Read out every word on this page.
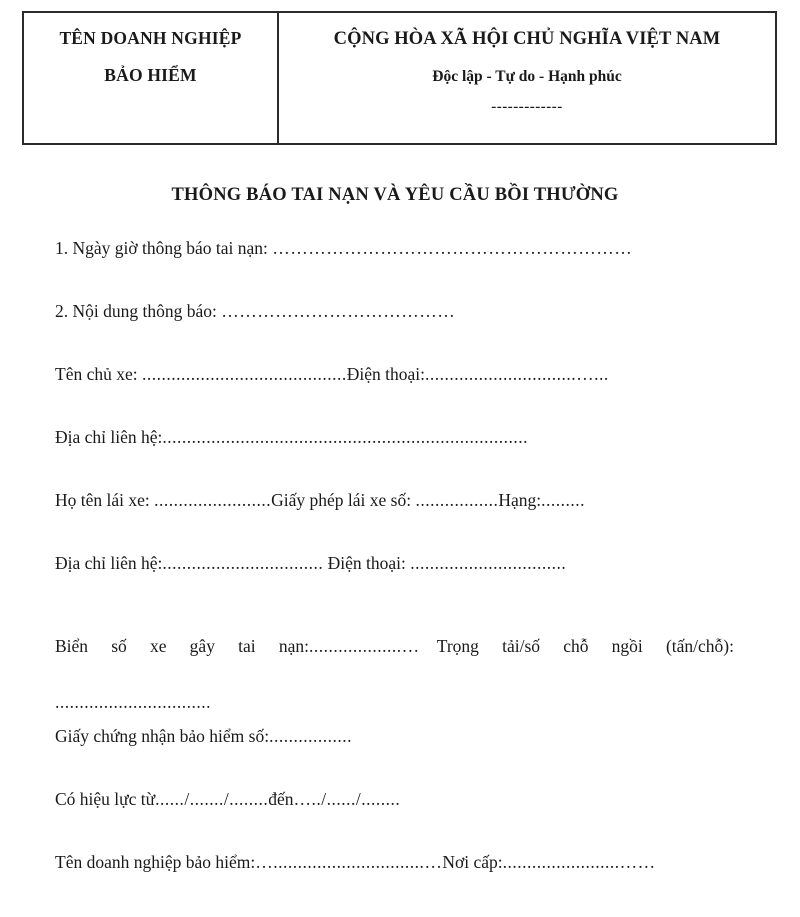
TÊN DOANH NGHIỆP
BẢO HIỂM
CỘNG HÒA XÃ HỘI CHỦ NGHĨA VIỆT NAM
Độc lập - Tự do - Hạnh phúc
-------------
THÔNG BÁO TAI NẠN VÀ YÊU CẦU BỒI THƯỜNG
1. Ngày giờ thông báo tai nạn: ……………………………………………………
2. Nội dung thông báo: …………………………………
Tên chủ xe: ..........................................Điện thoại:...............................…...
Địa chỉ liên hệ:...........................................................................
Họ tên lái xe: ........................Giấy phép lái xe số: .................Hạng:.........
Địa chỉ liên hệ:................................. Điện thoại: ................................
Biển số xe gây tai nạn:...................… Trọng tải/số chỗ ngồi (tấn/chỗ): ................................
Giấy chứng nhận bảo hiểm số:.................
Có hiệu lực từ....../......./........đến…../....../........
Tên doanh nghiệp bảo hiểm:…...............................…Nơi cấp:........................……
